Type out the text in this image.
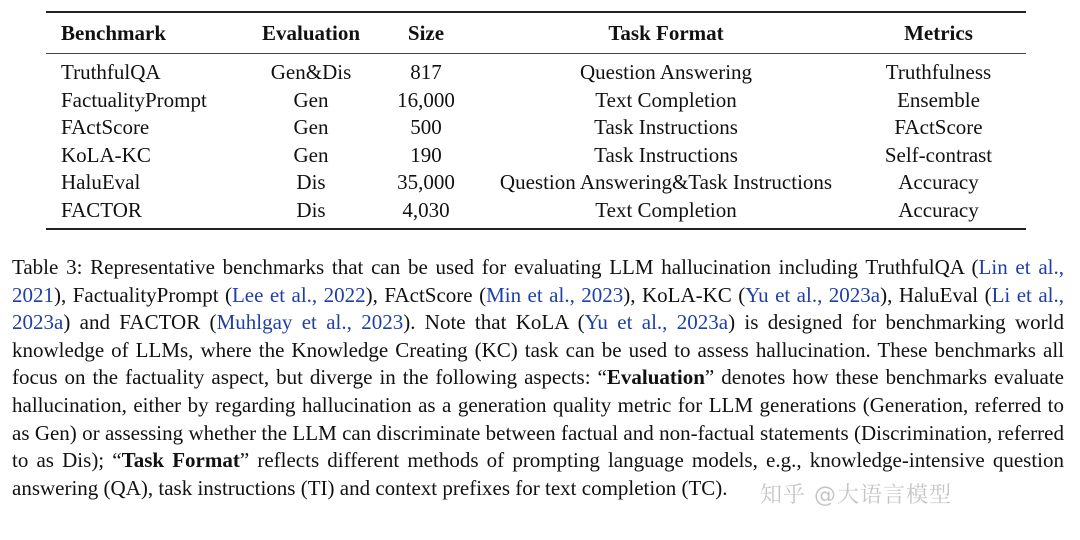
Benchmark	Evaluation	Size	Task Format	Metrics
TruthfulQA	Gen&Dis	817	Question Answering	Truthfulness
FactualityPrompt	Gen	16,000	Text Completion	Ensemble
FActScore	Gen	500	Task Instructions	FActScore
KoLA-KC	Gen	190	Task Instructions	Self-contrast
HaluEval	Dis	35,000	Question Answering&Task Instructions	Accuracy
FACTOR	Dis	4,030	Text Completion	Accuracy

Table 3: Representative benchmarks that can be used for evaluating LLM hallucination including TruthfulQA (Lin et al., 2021), FactualityPrompt (Lee et al., 2022), FActScore (Min et al., 2023), KoLA-KC (Yu et al., 2023a), HaluEval (Li et al., 2023a) and FACTOR (Muhlgay et al., 2023). Note that KoLA (Yu et al., 2023a) is designed for benchmarking world knowledge of LLMs, where the Knowledge Creating (KC) task can be used to assess hallucination. These benchmarks all focus on the factuality aspect, but diverge in the following aspects: “Evaluation” denotes how these benchmarks evaluate hallucination, either by regarding hallucination as a generation quality metric for LLM generations (Generation, referred to as Gen) or assessing whether the LLM can discriminate between factual and non-factual statements (Discrimination, referred to as Dis); “Task Format” reflects different methods of prompting language models, e.g., knowledge-intensive question answering (QA), task instructions (TI) and context prefixes for text completion (TC).	知乎 @大语言模型
